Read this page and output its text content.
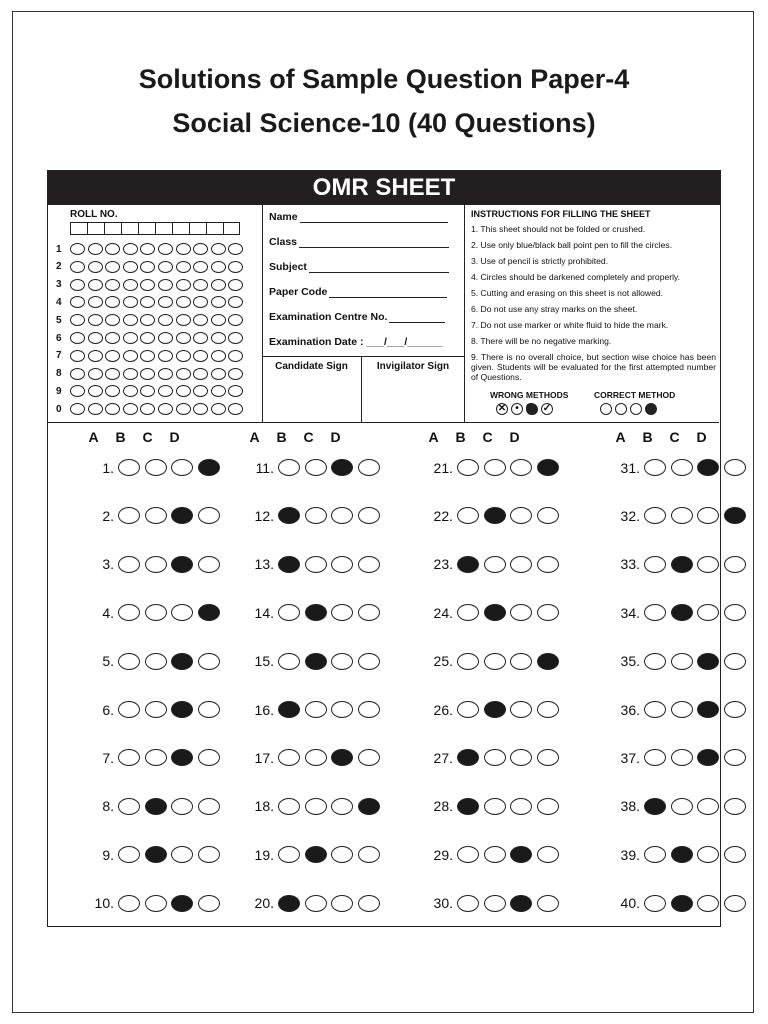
Solutions of Sample Question Paper-4
Social Science-10 (40 Questions)
OMR SHEET
ROLL NO.
1
2
3
4
5
6
7
8
9
0
Name
Class
Subject
Paper Code
Examination Centre No.
Examination Date :
___/___/______
Candidate Sign	Invigilator Sign
INSTRUCTIONS FOR FILLING THE SHEET
1. This sheet should not be folded or crushed.
2. Use only blue/black ball point pen to fill the circles.
3. Use of pencil is strictly prohibited.
4. Circles should be darkened completely and properly.
5. Cutting and erasing on this sheet is not allowed.
6. Do not use any stray marks on the sheet.
7. Do not use marker or white fluid to hide the mark.
8. There will be no negative marking.
9. There is no overall choice, but section wise choice has been given. Students will be evaluated for the first attempted number of Questions.
WRONG METHODS	CORRECT METHOD
✕ •	✓
A	B	C	D	A	B	C	D	A	B	C	D	A	B	C	D
1.
2.
3.
4.
5.
6.
7.
8.
9.
10.
11.
12.
13.
14.
15.
16.
17.
18.
19.
20.
21.
22.
23.
24.
25.
26.
27.
28.
29.
30.
31.
32.
33.
34.
35.
36.
37.
38.
39.
40.
